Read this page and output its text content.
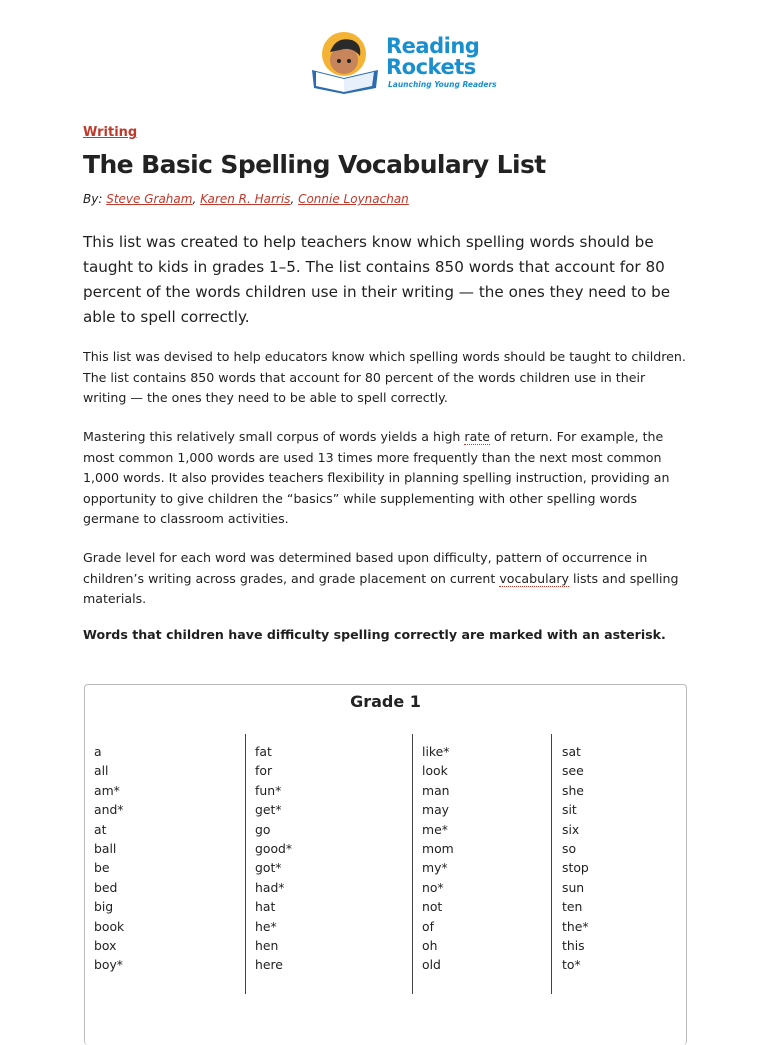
Reading
Rockets
Launching Young Readers
Writing
The Basic Spelling Vocabulary List
By: Steve Graham, Karen R. Harris, Connie Loynachan

This list was created to help teachers know which spelling words should be taught to kids in grades 1–5. The list contains 850 words that account for 80 percent of the words children use in their writing — the ones they need to be able to spell correctly.

This list was devised to help educators know which spelling words should be taught to children. The list contains 850 words that account for 80 percent of the words children use in their writing — the ones they need to be able to spell correctly.

Mastering this relatively small corpus of words yields a high rate of return. For example, the most common 1,000 words are used 13 times more frequently than the next most common 1,000 words. It also provides teachers flexibility in planning spelling instruction, providing an opportunity to give children the “basics” while supplementing with other spelling words germane to classroom activities.

Grade level for each word was determined based upon difficulty, pattern of occurrence in children’s writing across grades, and grade placement on current vocabulary lists and spelling materials.

Words that children have difficulty spelling correctly are marked with an asterisk.
Grade 1
a
all
am*
and*
at
ball
be
bed
big
book
box
boy*
fat
for
fun*
get*
go
good*
got*
had*
hat
he*
hen
here
like*
look
man
may
me*
mom
my*
no*
not
of
oh
old
sat
see
she
sit
six
so
stop
sun
ten
the*
this
to*
